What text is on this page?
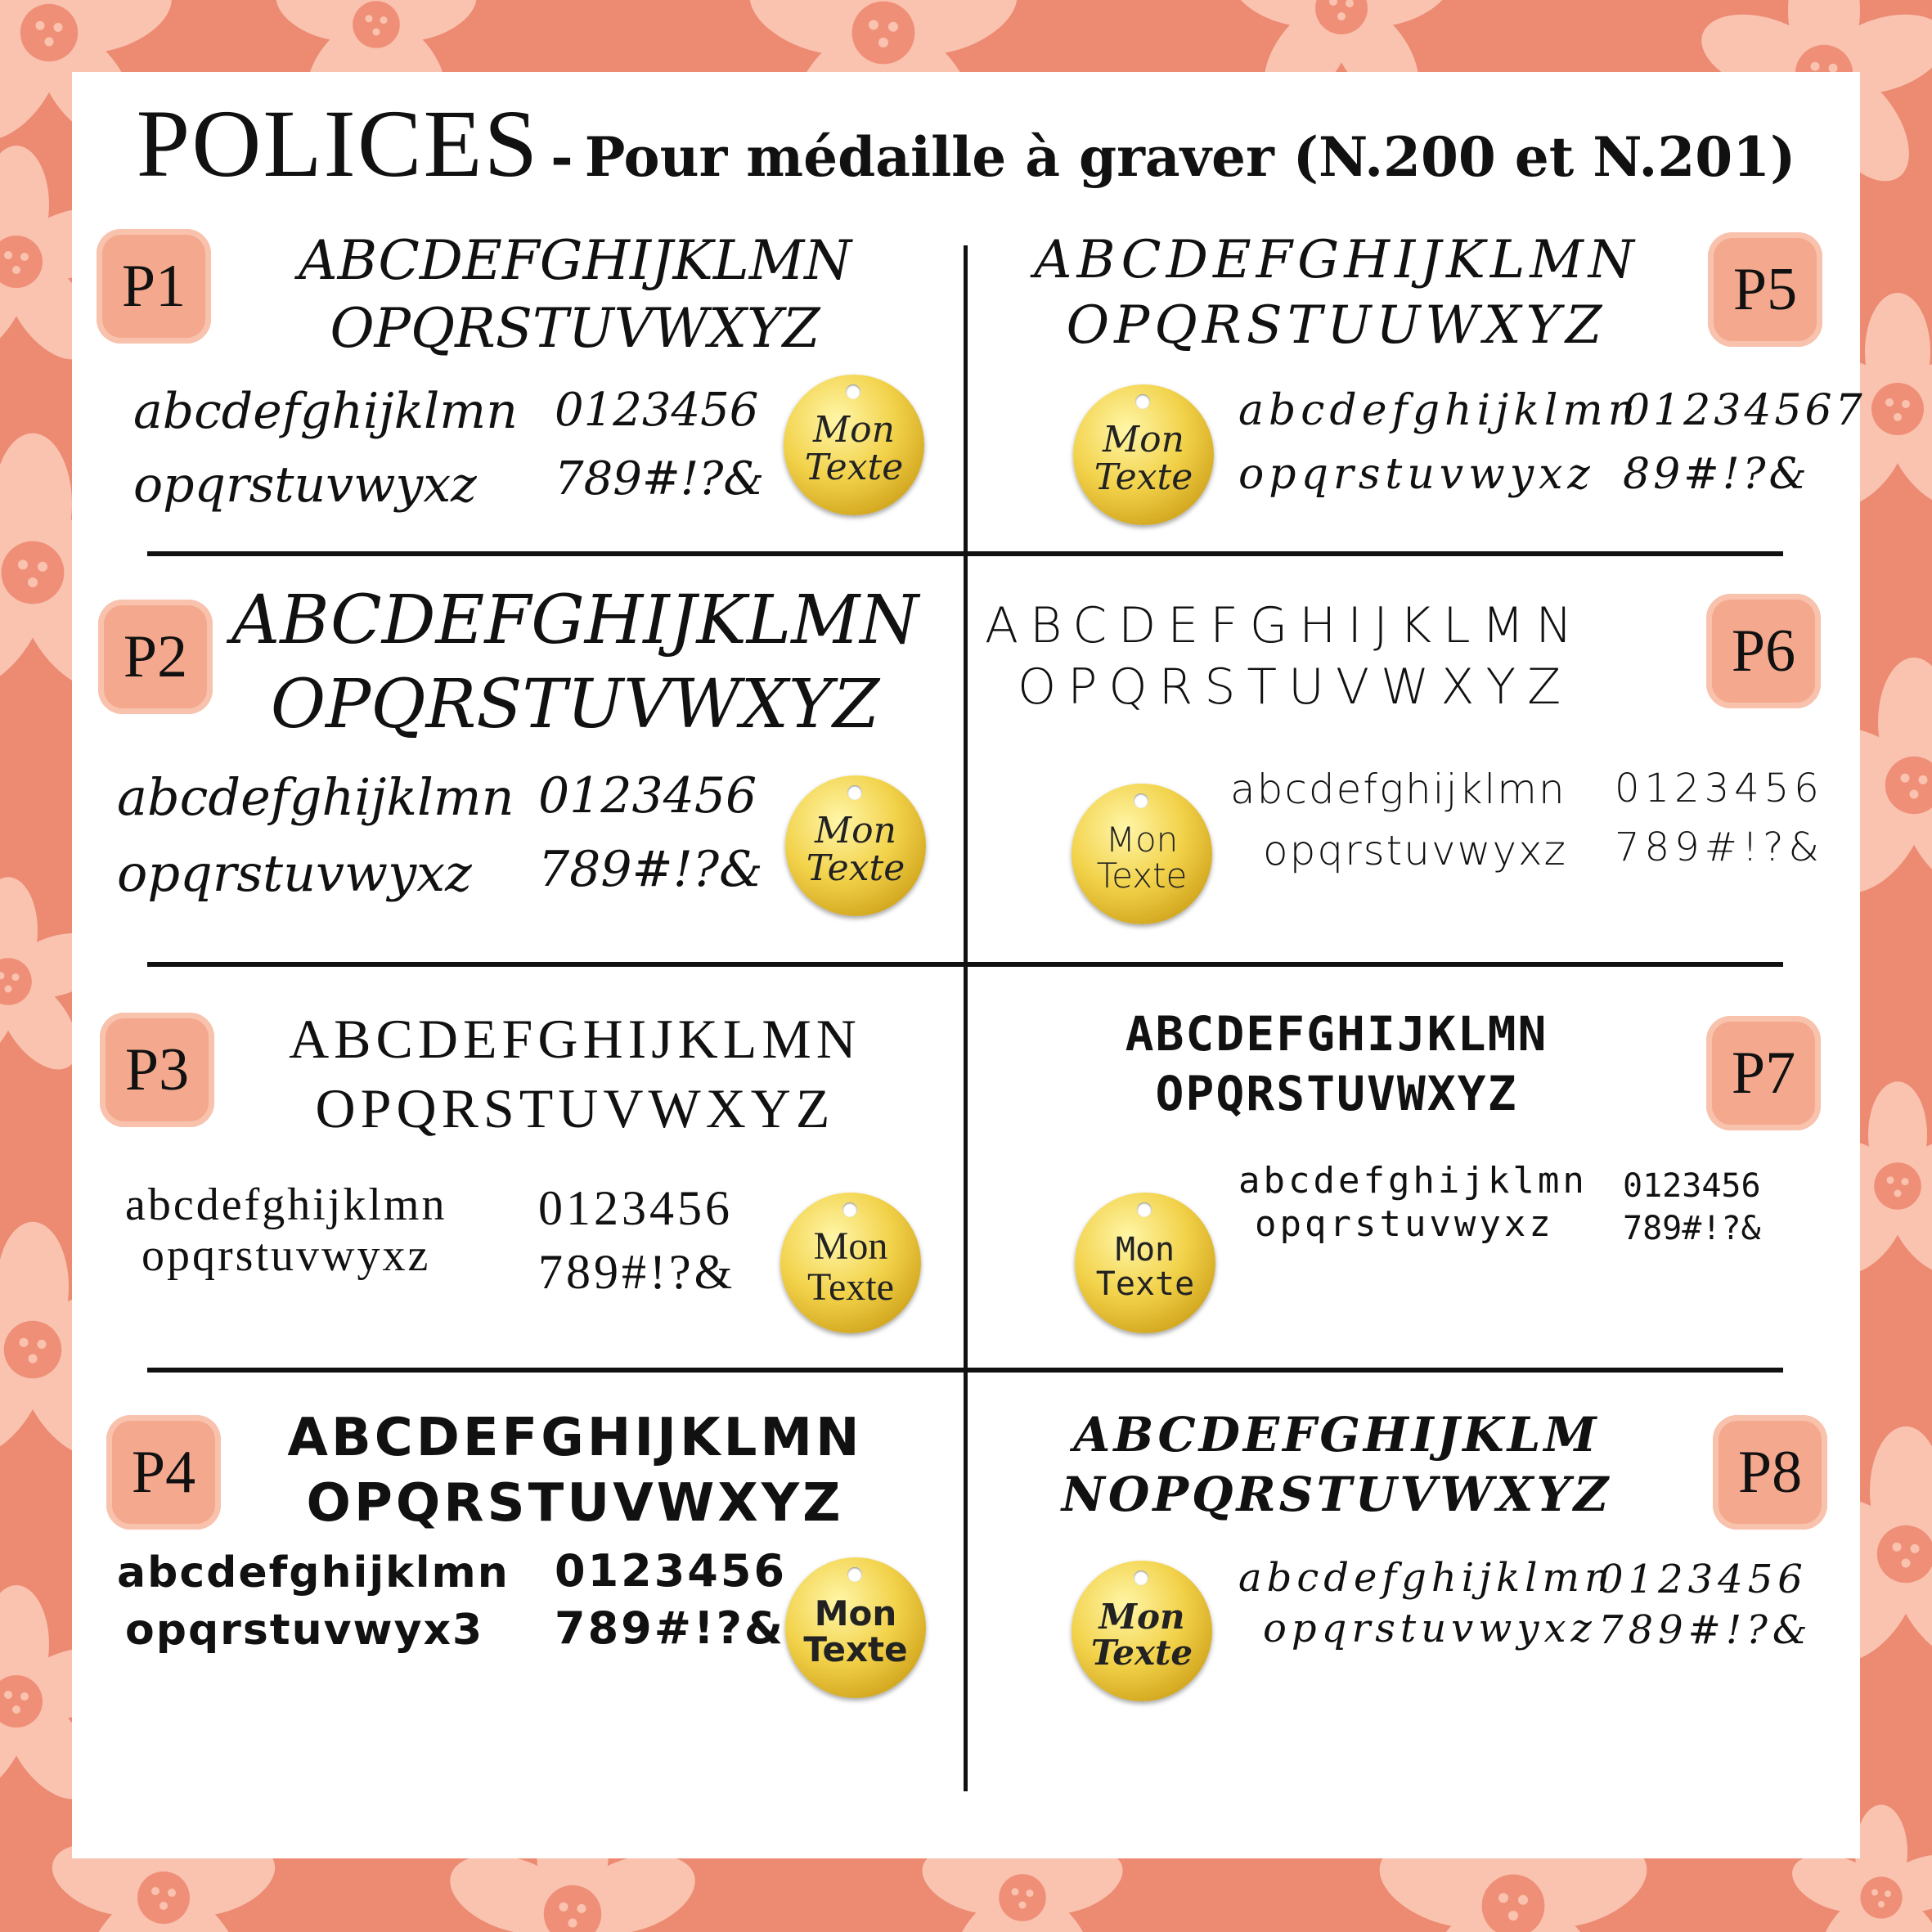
POLICES - Pour médaille à graver (N.200 et N.201)
P1	ABCDEFGHIJKLMN
OPQRSTUVWXYZ
abcdefghijklmn
opqrstuvwyxz
0123456
789#!?&
Mon
Texte
P5
ABCDEFGHIJKLMN
OPQRSTUUWXYZ
abcdefghijklmn
opqrstuvwyxz
01234567
89#!?&
Mon
Texte
P2 ABCDEFGHIJKLMN
OPQRSTUVWXYZ
abcdefghijklmn
opqrstuvwyxz
0123456
789#!?&
Mon
Texte
P6
ABCDEFGHIJKLMN
OPQRSTUVWXYZ
abcdefghijklmn
opqrstuvwyxz
0123456
789#!?&
Mon
Texte
P3	ABCDEFGHIJKLMN
OPQRSTUVWXYZ
abcdefghijklmn
opqrstuvwyxz
0123456
789#!?& Mon
Texte
P7
ABCDEFGHIJKLMN
OPQRSTUVWXYZ
abcdefghijklmn
opqrstuvwyxz
0123456
789#!?&
Mon
Texte
P4
ABCDEFGHIJKLMN
OPQRSTUVWXYZ
abcdefghijklmn
opqrstuvwyx3
0123456
789#!?& Mon
Texte
P8
ABCDEFGHIJKLM
NOPQRSTUVWXYZ
abcdefghijklmn
opqrstuvwyxz
0123456
789#!?&
Mon
Texte
